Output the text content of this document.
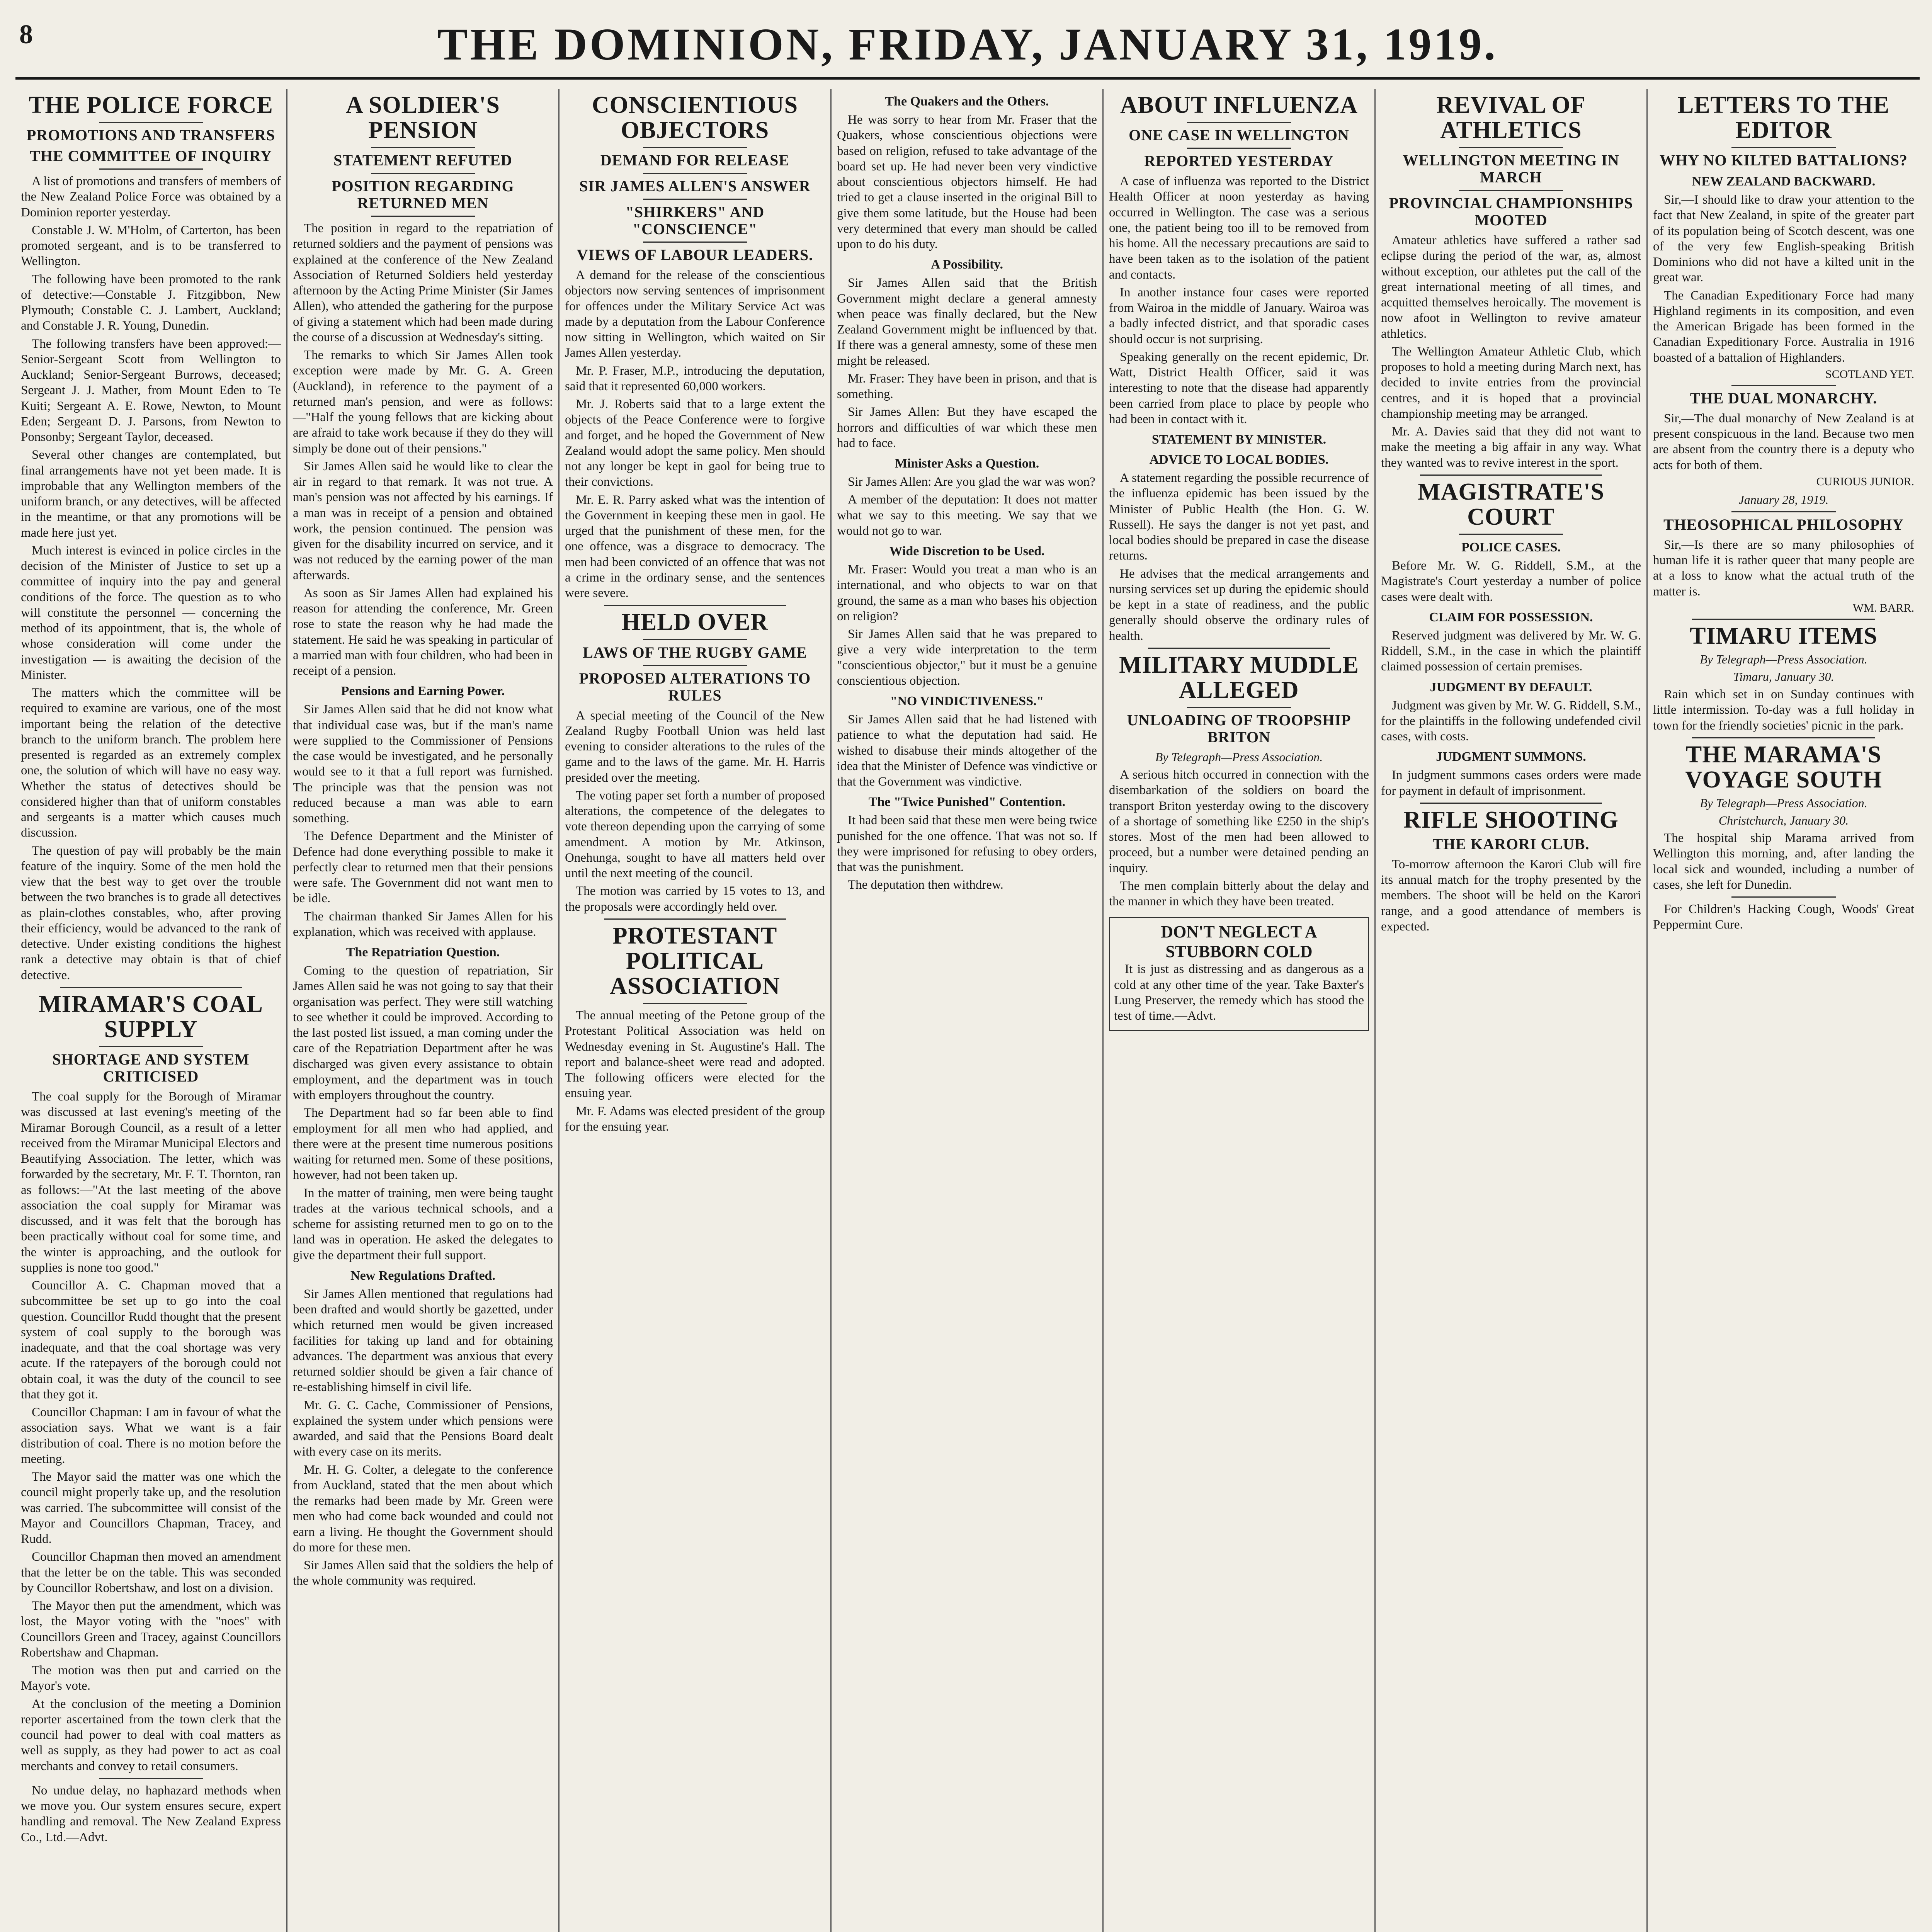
8	THE DOMINION, FRIDAY, JANUARY 31, 1919.
THE POLICE FORCE
PROMOTIONS AND TRANSFERS
THE COMMITTEE OF INQUIRY

A list of promotions and transfers of members of the New Zealand Police Force was obtained by a Dominion reporter yesterday.

Constable J. W. M'Holm, of Carterton, has been promoted sergeant, and is to be transferred to Wellington.

The following have been promoted to the rank of detective:—Constable J. Fitzgibbon, New Plymouth; Constable C. J. Lambert, Auckland; and Constable J. R. Young, Dunedin.

The following transfers have been approved:—Senior-Sergeant Scott from Wellington to Auckland; Senior-Sergeant Burrows, deceased; Sergeant J. J. Mather, from Mount Eden to Te Kuiti; Sergeant A. E. Rowe, Newton, to Mount Eden; Sergeant D. J. Parsons, from Newton to Ponsonby; Sergeant Taylor, deceased.

Several other changes are contemplated, but final arrangements have not yet been made. It is improbable that any Wellington members of the uniform branch, or any detectives, will be affected in the meantime, or that any promotions will be made here just yet.

Much interest is evinced in police circles in the decision of the Minister of Justice to set up a committee of inquiry into the pay and general conditions of the force. The question as to who will constitute the personnel — concerning the method of its appointment, that is, the whole of whose consideration will come under the investigation — is awaiting the decision of the Minister.

The matters which the committee will be required to examine are various, one of the most important being the relation of the detective branch to the uniform branch. The problem here presented is regarded as an extremely complex one, the solution of which will have no easy way. Whether the status of detectives should be considered higher than that of uniform constables and sergeants is a matter which causes much discussion.

The question of pay will probably be the main feature of the inquiry. Some of the men hold the view that the best way to get over the trouble between the two branches is to grade all detectives as plain-clothes constables, who, after proving their efficiency, would be advanced to the rank of detective. Under existing conditions the highest rank a detective may obtain is that of chief detective.

MIRAMAR'S COAL SUPPLY
SHORTAGE AND SYSTEM CRITICISED

The coal supply for the Borough of Miramar was discussed at last evening's meeting of the Miramar Borough Council, as a result of a letter received from the Miramar Municipal Electors and Beautifying Association. The letter, which was forwarded by the secretary, Mr. F. T. Thornton, ran as follows:—"At the last meeting of the above association the coal supply for Miramar was discussed, and it was felt that the borough has been practically without coal for some time, and the winter is approaching, and the outlook for supplies is none too good."

Councillor A. C. Chapman moved that a subcommittee be set up to go into the coal question. Councillor Rudd thought that the present system of coal supply to the borough was inadequate, and that the coal shortage was very acute. If the ratepayers of the borough could not obtain coal, it was the duty of the council to see that they got it.

Councillor Chapman: I am in favour of what the association says. What we want is a fair distribution of coal. There is no motion before the meeting.

The Mayor said the matter was one which the council might properly take up, and the resolution was carried. The subcommittee will consist of the Mayor and Councillors Chapman, Tracey, and Rudd.

Councillor Chapman then moved an amendment that the letter be on the table. This was seconded by Councillor Robertshaw, and lost on a division.

The Mayor then put the amendment, which was lost, the Mayor voting with the "noes" with Councillors Green and Tracey, against Councillors Robertshaw and Chapman.

The motion was then put and carried on the Mayor's vote.

At the conclusion of the meeting a Dominion reporter ascertained from the town clerk that the council had power to deal with coal matters as well as supply, as they had power to act as coal merchants and convey to retail consumers.

No undue delay, no haphazard methods when we move you. Our system ensures secure, expert handling and removal. The New Zealand Express Co., Ltd.—Advt.

A SOLDIER'S PENSION
STATEMENT REFUTED
POSITION REGARDING RETURNED MEN

The position in regard to the repatriation of returned soldiers and the payment of pensions was explained at the conference of the New Zealand Association of Returned Soldiers held yesterday afternoon by the Acting Prime Minister (Sir James Allen), who attended the gathering for the purpose of giving a statement which had been made during the course of a discussion at Wednesday's sitting.

The remarks to which Sir James Allen took exception were made by Mr. G. A. Green (Auckland), in reference to the payment of a returned man's pension, and were as follows:—"Half the young fellows that are kicking about are afraid to take work because if they do they will simply be done out of their pensions."

Sir James Allen said he would like to clear the air in regard to that remark. It was not true. A man's pension was not affected by his earnings. If a man was in receipt of a pension and obtained work, the pension continued. The pension was given for the disability incurred on service, and it was not reduced by the earning power of the man afterwards.

As soon as Sir James Allen had explained his reason for attending the conference, Mr. Green rose to state the reason why he had made the statement. He said he was speaking in particular of a married man with four children, who had been in receipt of a pension.

Pensions and Earning Power.

Sir James Allen said that he did not know what that individual case was, but if the man's name were supplied to the Commissioner of Pensions the case would be investigated, and he personally would see to it that a full report was furnished. The principle was that the pension was not reduced because a man was able to earn something.

The Defence Department and the Minister of Defence had done everything possible to make it perfectly clear to returned men that their pensions were safe. The Government did not want men to be idle.

The chairman thanked Sir James Allen for his explanation, which was received with applause.

The Repatriation Question.

Coming to the question of repatriation, Sir James Allen said he was not going to say that their organisation was perfect. They were still watching to see whether it could be improved. According to the last posted list issued, a man coming under the care of the Repatriation Department after he was discharged was given every assistance to obtain employment, and the department was in touch with employers throughout the country.

The Department had so far been able to find employment for all men who had applied, and there were at the present time numerous positions waiting for returned men. Some of these positions, however, had not been taken up.

In the matter of training, men were being taught trades at the various technical schools, and a scheme for assisting returned men to go on to the land was in operation. He asked the delegates to give the department their full support.

New Regulations Drafted.

Sir James Allen mentioned that regulations had been drafted and would shortly be gazetted, under which returned men would be given increased facilities for taking up land and for obtaining advances. The department was anxious that every returned soldier should be given a fair chance of re-establishing himself in civil life.

Mr. G. C. Cache, Commissioner of Pensions, explained the system under which pensions were awarded, and said that the Pensions Board dealt with every case on its merits.

Mr. H. G. Colter, a delegate to the conference from Auckland, stated that the men about which the remarks had been made by Mr. Green were men who had come back wounded and could not earn a living. He thought the Government should do more for these men.

Sir James Allen said that the soldiers the help of the whole community was required.

CONSCIENTIOUS OBJECTORS
DEMAND FOR RELEASE
SIR JAMES ALLEN'S ANSWER
"SHIRKERS" AND "CONSCIENCE"
VIEWS OF LABOUR LEADERS.

A demand for the release of the conscientious objectors now serving sentences of imprisonment for offences under the Military Service Act was made by a deputation from the Labour Conference now sitting in Wellington, which waited on Sir James Allen yesterday.

Mr. P. Fraser, M.P., introducing the deputation, said that it represented 60,000 workers.

Mr. J. Roberts said that to a large extent the objects of the Peace Conference were to forgive and forget, and he hoped the Government of New Zealand would adopt the same policy. Men should not any longer be kept in gaol for being true to their convictions.

Mr. E. R. Parry asked what was the intention of the Government in keeping these men in gaol. He urged that the punishment of these men, for the one offence, was a disgrace to democracy. The men had been convicted of an offence that was not a crime in the ordinary sense, and the sentences were severe.

HELD OVER
LAWS OF THE RUGBY GAME
PROPOSED ALTERATIONS TO RULES

A special meeting of the Council of the New Zealand Rugby Football Union was held last evening to consider alterations to the rules of the game and to the laws of the game. Mr. H. Harris presided over the meeting.

The voting paper set forth a number of proposed alterations, the competence of the delegates to vote thereon depending upon the carrying of some amendment. A motion by Mr. Atkinson, Onehunga, sought to have all matters held over until the next meeting of the council.

The motion was carried by 15 votes to 13, and the proposals were accordingly held over.

PROTESTANT POLITICAL ASSOCIATION

The annual meeting of the Petone group of the Protestant Political Association was held on Wednesday evening in St. Augustine's Hall. The report and balance-sheet were read and adopted. The following officers were elected for the ensuing year.

Mr. F. Adams was elected president of the group for the ensuing year.

The Quakers and the Others.

He was sorry to hear from Mr. Fraser that the Quakers, whose conscientious objections were based on religion, refused to take advantage of the board set up. He had never been very vindictive about conscientious objectors himself. He had tried to get a clause inserted in the original Bill to give them some latitude, but the House had been very determined that every man should be called upon to do his duty.

A Possibility.

Sir James Allen said that the British Government might declare a general amnesty when peace was finally declared, but the New Zealand Government might be influenced by that. If there was a general amnesty, some of these men might be released.

Mr. Fraser: They have been in prison, and that is something.

Sir James Allen: But they have escaped the horrors and difficulties of war which these men had to face.

Minister Asks a Question.

Sir James Allen: Are you glad the war was won?

A member of the deputation: It does not matter what we say to this meeting. We say that we would not go to war.

Wide Discretion to be Used.

Mr. Fraser: Would you treat a man who is an international, and who objects to war on that ground, the same as a man who bases his objection on religion?

Sir James Allen said that he was prepared to give a very wide interpretation to the term "conscientious objector," but it must be a genuine conscientious objection.

"NO VINDICTIVENESS."

Sir James Allen said that he had listened with patience to what the deputation had said. He wished to disabuse their minds altogether of the idea that the Minister of Defence was vindictive or that the Government was vindictive.

The "Twice Punished" Contention.

It had been said that these men were being twice punished for the one offence. That was not so. If they were imprisoned for refusing to obey orders, that was the punishment.

The deputation then withdrew.

ABOUT INFLUENZA
ONE CASE IN WELLINGTON
REPORTED YESTERDAY

A case of influenza was reported to the District Health Officer at noon yesterday as having occurred in Wellington. The case was a serious one, the patient being too ill to be removed from his home. All the necessary precautions are said to have been taken as to the isolation of the patient and contacts.

In another instance four cases were reported from Wairoa in the middle of January. Wairoa was a badly infected district, and that sporadic cases should occur is not surprising.

Speaking generally on the recent epidemic, Dr. Watt, District Health Officer, said it was interesting to note that the disease had apparently been carried from place to place by people who had been in contact with it.

STATEMENT BY MINISTER.
ADVICE TO LOCAL BODIES.

A statement regarding the possible recurrence of the influenza epidemic has been issued by the Minister of Public Health (the Hon. G. W. Russell). He says the danger is not yet past, and local bodies should be prepared in case the disease returns.

He advises that the medical arrangements and nursing services set up during the epidemic should be kept in a state of readiness, and the public generally should observe the ordinary rules of health.

MILITARY MUDDLE ALLEGED
UNLOADING OF TROOPSHIP BRITON

By Telegraph—Press Association.

A serious hitch occurred in connection with the disembarkation of the soldiers on board the transport Briton yesterday owing to the discovery of a shortage of something like £250 in the ship's stores. Most of the men had been allowed to proceed, but a number were detained pending an inquiry.

The men complain bitterly about the delay and the manner in which they have been treated.

DON'T NEGLECT A STUBBORN COLD

It is just as distressing and as dangerous as a cold at any other time of the year. Take Baxter's Lung Preserver, the remedy which has stood the test of time.—Advt.

REVIVAL OF ATHLETICS
WELLINGTON MEETING IN MARCH
PROVINCIAL CHAMPIONSHIPS MOOTED

Amateur athletics have suffered a rather sad eclipse during the period of the war, as, almost without exception, our athletes put the call of the great international meeting of all times, and acquitted themselves heroically. The movement is now afoot in Wellington to revive amateur athletics.

The Wellington Amateur Athletic Club, which proposes to hold a meeting during March next, has decided to invite entries from the provincial centres, and it is hoped that a provincial championship meeting may be arranged.

Mr. A. Davies said that they did not want to make the meeting a big affair in any way. What they wanted was to revive interest in the sport.

MAGISTRATE'S COURT
POLICE CASES.

Before Mr. W. G. Riddell, S.M., at the Magistrate's Court yesterday a number of police cases were dealt with.

CLAIM FOR POSSESSION.

Reserved judgment was delivered by Mr. W. G. Riddell, S.M., in the case in which the plaintiff claimed possession of certain premises.

JUDGMENT BY DEFAULT.

Judgment was given by Mr. W. G. Riddell, S.M., for the plaintiffs in the following undefended civil cases, with costs.

JUDGMENT SUMMONS.

In judgment summons cases orders were made for payment in default of imprisonment.

RIFLE SHOOTING
THE KARORI CLUB.

To-morrow afternoon the Karori Club will fire its annual match for the trophy presented by the members. The shoot will be held on the Karori range, and a good attendance of members is expected.

LETTERS TO THE EDITOR
WHY NO KILTED BATTALIONS?
NEW ZEALAND BACKWARD.

Sir,—I should like to draw your attention to the fact that New Zealand, in spite of the greater part of its population being of Scotch descent, was one of the very few English-speaking British Dominions who did not have a kilted unit in the great war.

The Canadian Expeditionary Force had many Highland regiments in its composition, and even the American Brigade has been formed in the Canadian Expeditionary Force. Australia in 1916 boasted of a battalion of Highlanders.

SCOTLAND YET.
THE DUAL MONARCHY.

Sir,—The dual monarchy of New Zealand is at present conspicuous in the land. Because two men are absent from the country there is a deputy who acts for both of them.

CURIOUS JUNIOR.

January 28, 1919.

THEOSOPHICAL PHILOSOPHY

Sir,—Is there are so many philosophies of human life it is rather queer that many people are at a loss to know what the actual truth of the matter is.

WM. BARR.
TIMARU ITEMS

By Telegraph—Press Association.

Timaru, January 30.

Rain which set in on Sunday continues with little intermission. To-day was a full holiday in town for the friendly societies' picnic in the park.

THE MARAMA'S VOYAGE SOUTH

By Telegraph—Press Association.

Christchurch, January 30.

The hospital ship Marama arrived from Wellington this morning, and, after landing the local sick and wounded, including a number of cases, she left for Dunedin.

For Children's Hacking Cough, Woods' Great Peppermint Cure.
